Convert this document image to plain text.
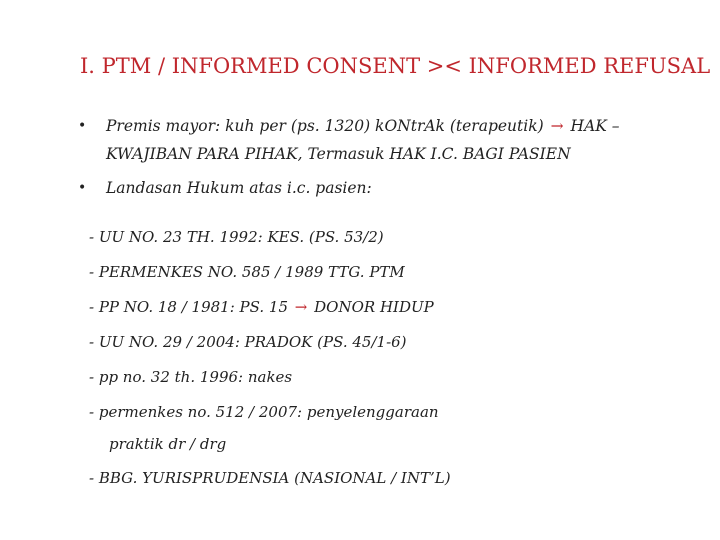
I. PTM / INFORMED CONSENT >< INFORMED REFUSAL
• Premis mayor: kuh per (ps. 1320) kONtrAk (terapeutik) → HAK – KWAJIBAN PARA PIHAK, Termasuk HAK I.C. BAGI PASIEN
• Landasan Hukum atas i.c. pasien:
- UU NO. 23 TH. 1992: KES. (PS. 53/2)
- PERMENKES NO. 585 / 1989 TTG. PTM
- PP NO. 18 / 1981: PS. 15 → DONOR HIDUP
- UU NO. 29 / 2004: PRADOK (PS. 45/1-6)
- pp no. 32 th. 1996: nakes
- permenkes no. 512 / 2007: penyelenggaraan
praktik dr / drg
- BBG. YURISPRUDENSIA (NASIONAL / INT’L)
